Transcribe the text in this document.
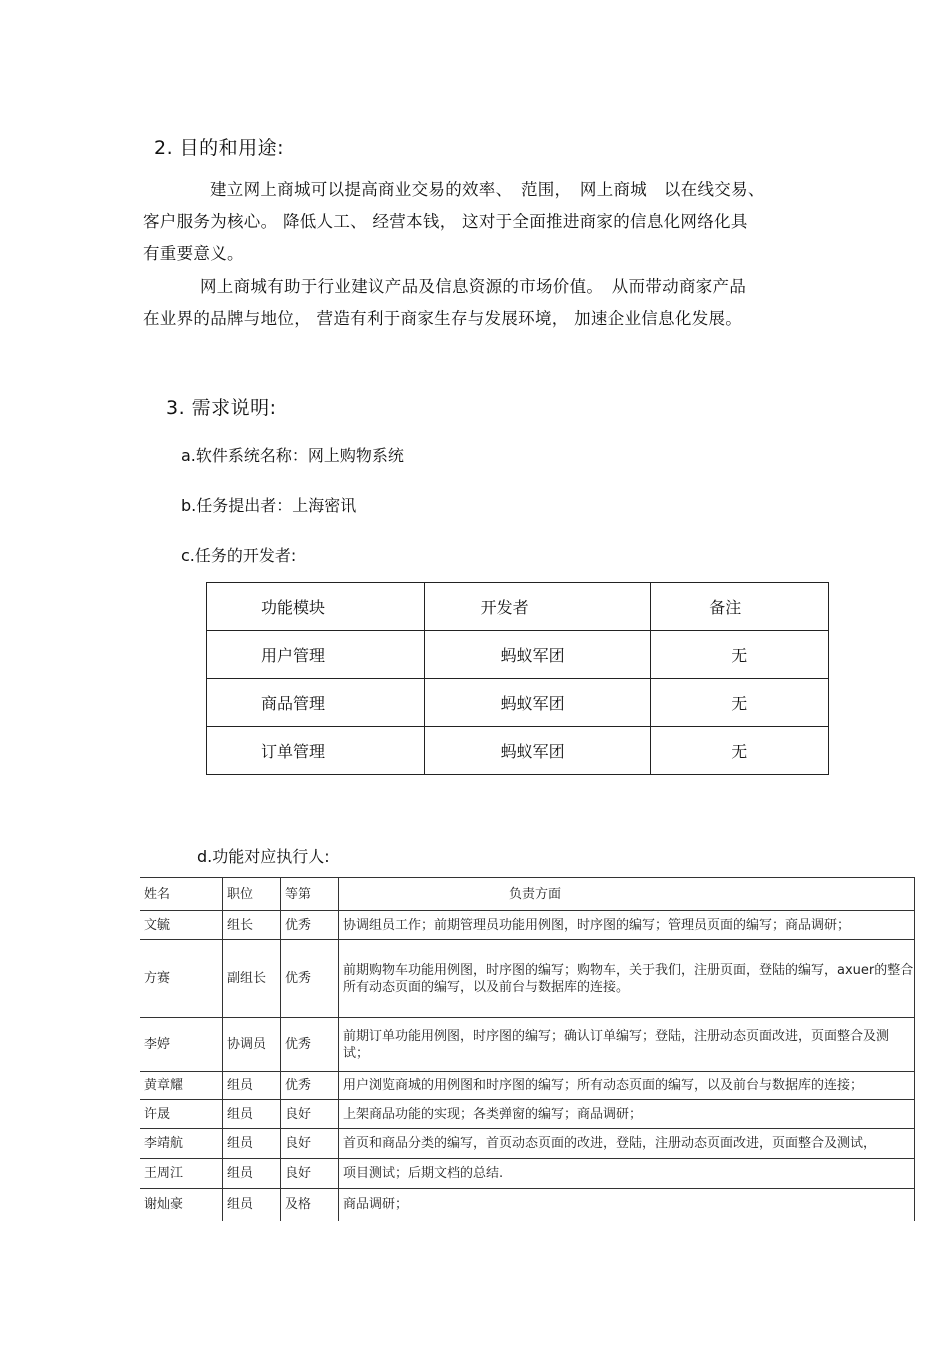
2. 目的和用途:
建立网上商城可以提高商业交易的效率、　范围，　网上商城　以在线交易、
客户服务为核心。 降低人工、 经营本钱， 这对于全面推进商家的信息化网络化具
有重要意义。
网上商城有助于行业建议产品及信息资源的市场价值。　从而带动商家产品
在业界的品牌与地位， 营造有利于商家生存与发展环境， 加速企业信息化发展。
3. 需求说明:
a.软件系统名称：网上购物系统
b.任务提出者：上海密讯
c.任务的开发者:
功能模块	开发者	备注
用户管理	蚂蚁军团	无
商品管理	蚂蚁军团	无
订单管理	蚂蚁军团	无
d.功能对应执行人:
姓名	职位	等第	负责方面
文毓	组长	优秀	协调组员工作；前期管理员功能用例图，时序图的编写；管理员页面的编写；商品调研；
方赛	副组长	优秀	前期购物车功能用例图，时序图的编写；购物车，关于我们，注册页面，登陆的编写，axuer的整合
所有动态页面的编写，以及前台与数据库的连接。
李婷	协调员	优秀	前期订单功能用例图，时序图的编写；确认订单编写；登陆，注册动态页面改进，页面整合及测试；
黄章耀	组员	优秀	用户浏览商城的用例图和时序图的编写；所有动态页面的编写，以及前台与数据库的连接；
许晟	组员	良好	上架商品功能的实现；各类弹窗的编写；商品调研；
李靖航	组员	良好	首页和商品分类的编写，首页动态页面的改进，登陆，注册动态页面改进，页面整合及测试，
王周江	组员	良好	项目测试；后期文档的总结.
谢灿豪	组员	及格	商品调研；
